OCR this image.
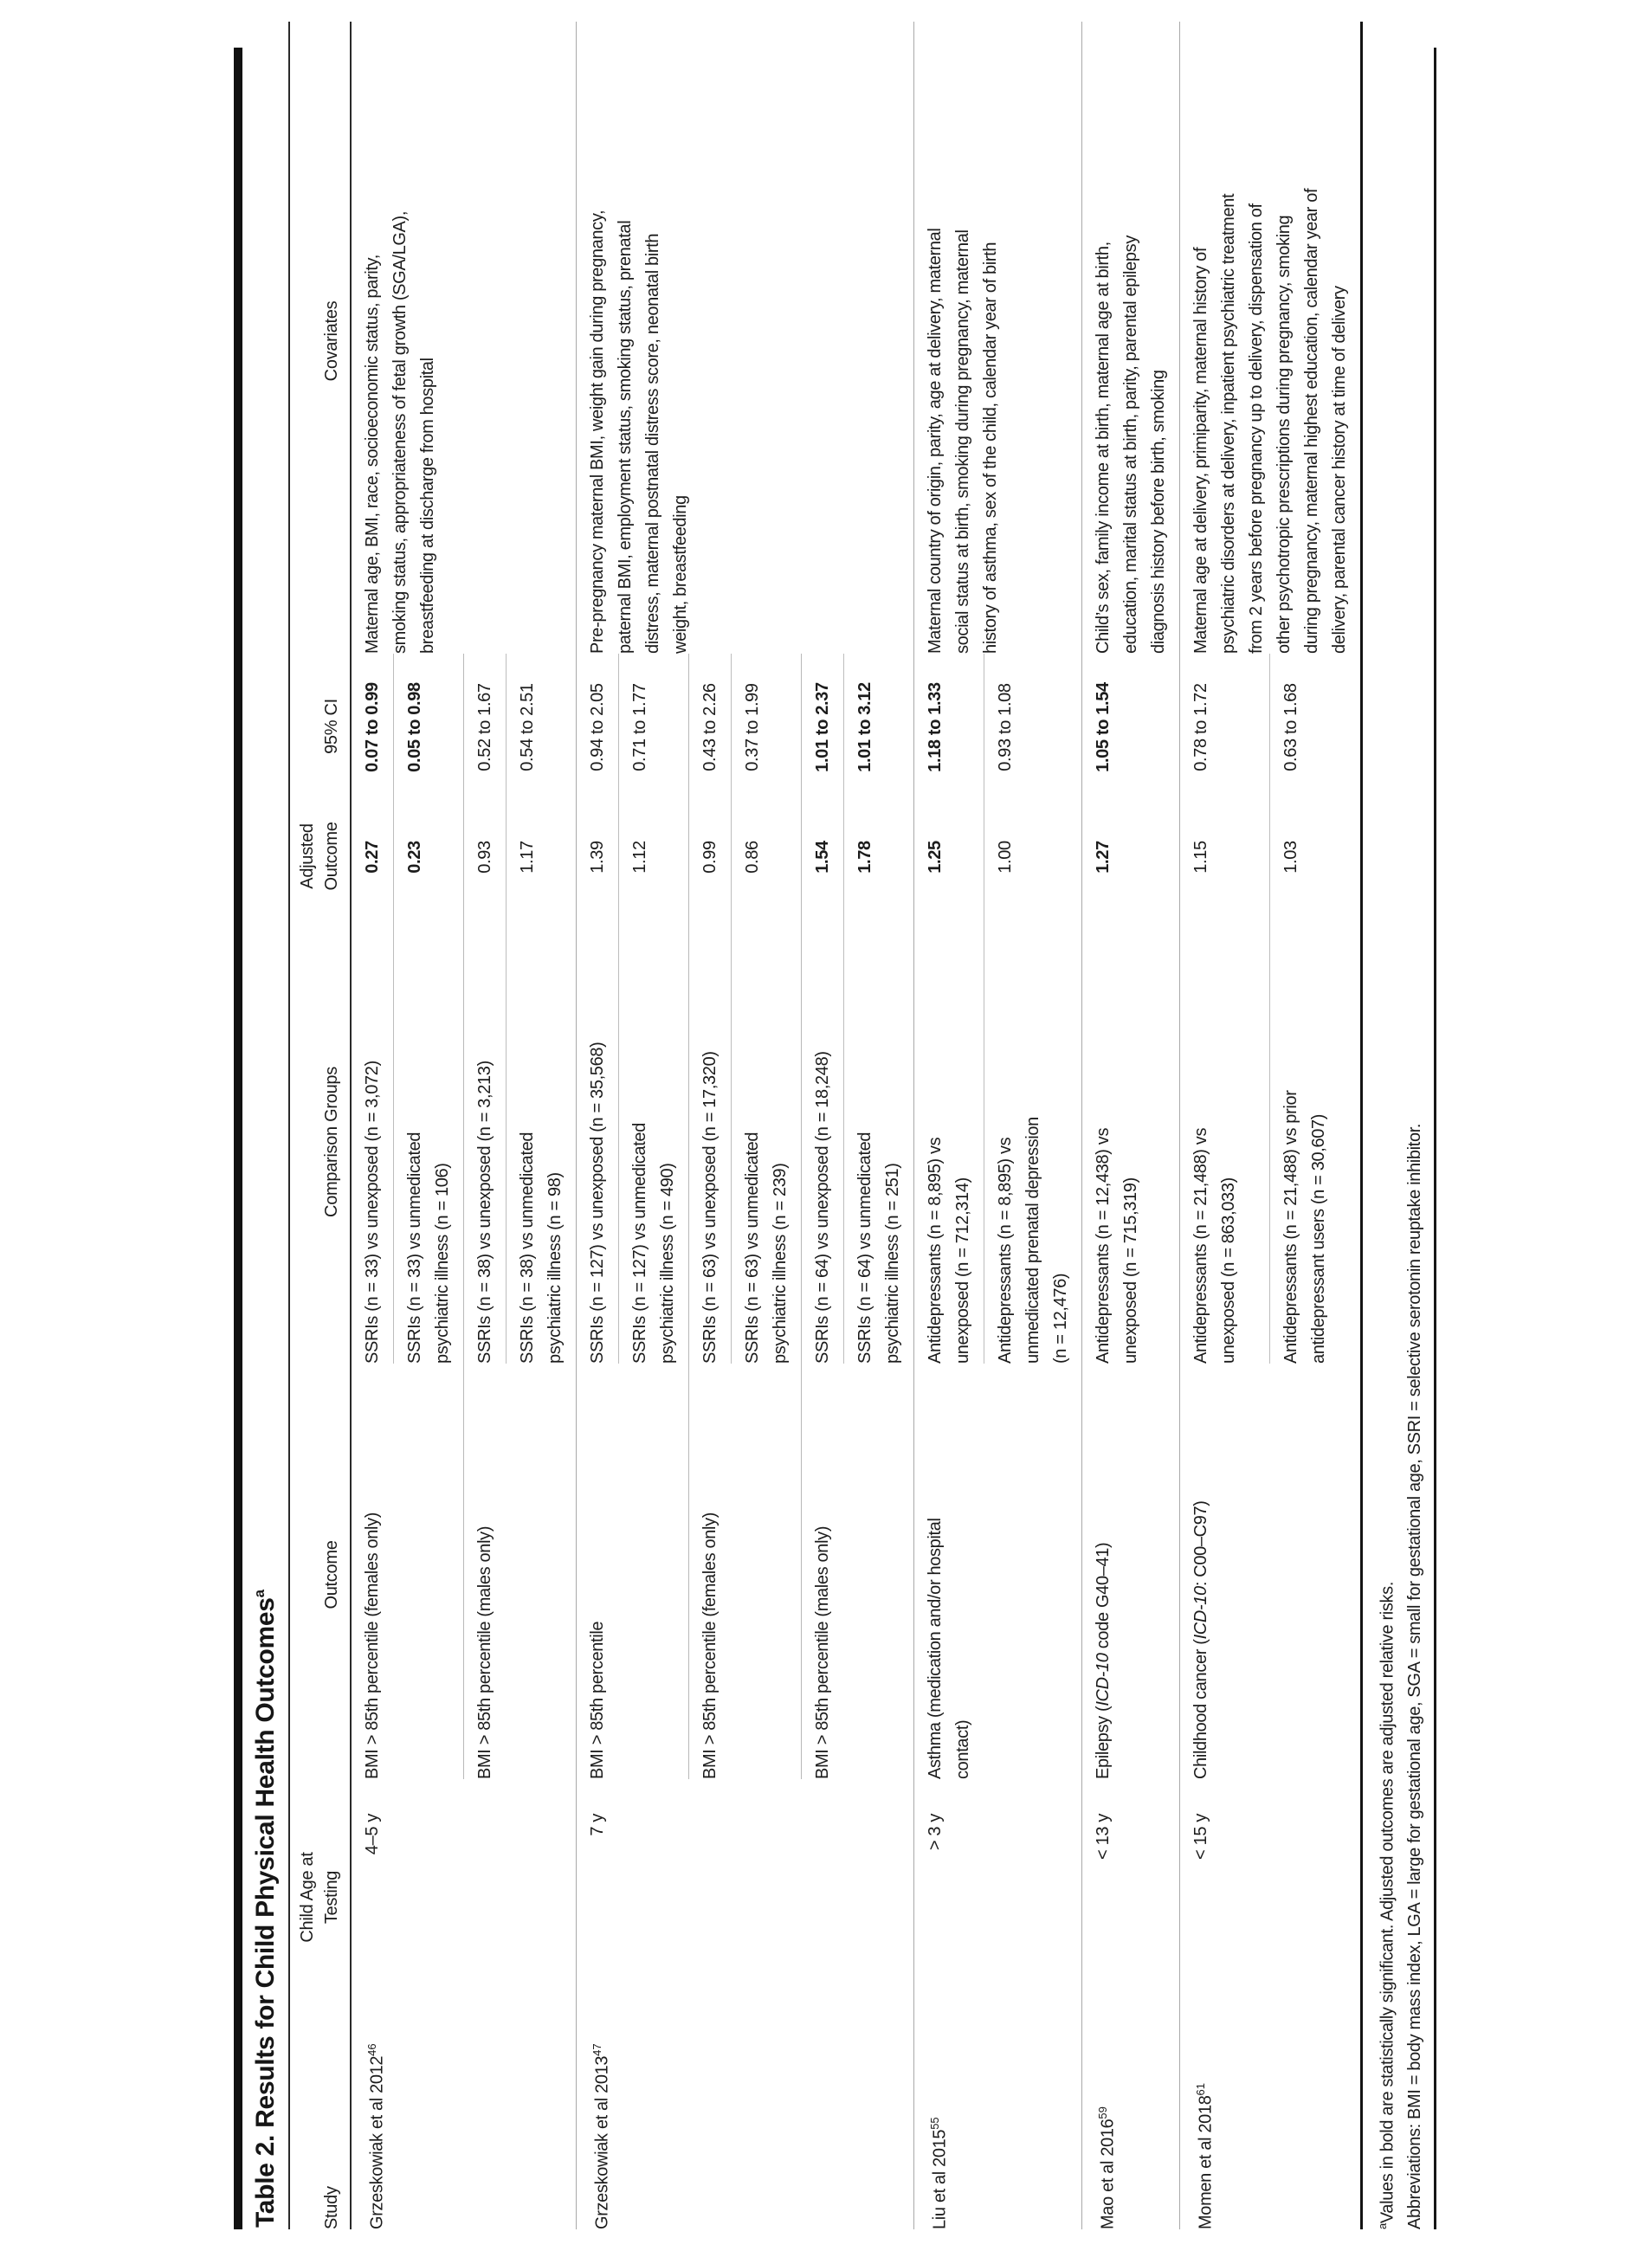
Table 2. Results for Child Physical Health Outcomes$^a$
Study	Child Age at Testing	Outcome	Comparison Groups	Adjusted Outcome	95% CI	Covariates
Grzeskowiak et al 2012$^{46}$	4–5 y	BMI > 85th percentile (females only)	SSRIs (n = 33) vs unexposed (n = 3,072)	0.27	0.07 to 0.99	Maternal age, BMI, race, socioeconomic status, parity, smoking status, appropriateness of fetal growth (SGA/LGA), breastfeeding at discharge from hospital
			SSRIs (n = 33) vs unmedicated psychiatric illness (n = 106)	0.23	0.05 to 0.98	
		BMI > 85th percentile (males only)	SSRIs (n = 38) vs unexposed (n = 3,213)	0.93	0.52 to 1.67	
			SSRIs (n = 38) vs unmedicated psychiatric illness (n = 98)	1.17	0.54 to 2.51	
Grzeskowiak et al 2013$^{47}$	7 y	BMI > 85th percentile	SSRIs (n = 127) vs unexposed (n = 35,568)	1.39	0.94 to 2.05	Pre-pregnancy maternal BMI, weight gain during pregnancy, paternal BMI, employment status, smoking status, prenatal distress, maternal postnatal distress score, neonatal birth weight, breastfeeding
			SSRIs (n = 127) vs unmedicated psychiatric illness (n = 490)	1.12	0.71 to 1.77	
		BMI > 85th percentile (females only)	SSRIs (n = 63) vs unexposed (n = 17,320)	0.99	0.43 to 2.26	
			SSRIs (n = 63) vs unmedicated psychiatric illness (n = 239)	0.86	0.37 to 1.99	
		BMI > 85th percentile (males only)	SSRIs (n = 64) vs unexposed (n = 18,248)	1.54	1.01 to 2.37	
			SSRIs (n = 64) vs unmedicated psychiatric illness (n = 251)	1.78	1.01 to 3.12	
Liu et al $2015^{55}$	> 3 y	Asthma (medication and/or hospital contact)	Antidepressants (n = 8,895) vs unexposed (n = 712,314)	1.25	1.18 to 1.33	Maternal country of origin, parity, age at delivery, maternal social status at birth, smoking during pregnancy, maternal history of asthma, sex of the child, calendar year of birth
			Antidepressants (n = 8,895) vs unmedicated prenatal depression (n = 12,476)	1.00	0.93 to 1.08	
Mao et al $2016^{59}$	< 13 y	Epilepsy (ICD-10 code G40–41)	Antidepressants (n = 12,438) vs unexposed (n = 715,319)	1.27	1.05 to 1.54	Child’s sex, family income at birth, maternal age at birth, education, marital status at birth, parity, parental epilepsy diagnosis history before birth, smoking
Momen et al $2018^{61}$	< 15 y	Childhood cancer (ICD-10: C00–C97)	Antidepressants (n = 21,488) vs unexposed (n = 863,033)	1.15	0.78 to 1.72	Maternal age at delivery, primiparity, maternal history of psychiatric disorders at delivery, inpatient psychiatric treatment from 2 years before pregnancy up to delivery, dispensation of other psychotropic prescriptions during pregnancy, smoking during pregnancy, maternal highest education, calendar year of delivery, parental cancer history at time of delivery
			Antidepressants (n = 21,488) vs prior antidepressant users (n = 30,607)	1.03	0.63 to 1.68	

$^a$Values in bold are statistically significant. Adjusted outcomes are adjusted relative risks. Abbreviations: BMI = body mass index, LGA = large for gestational age, SGA = small for gestational age, SSRI = selective serotonin reuptake inhibitor.
